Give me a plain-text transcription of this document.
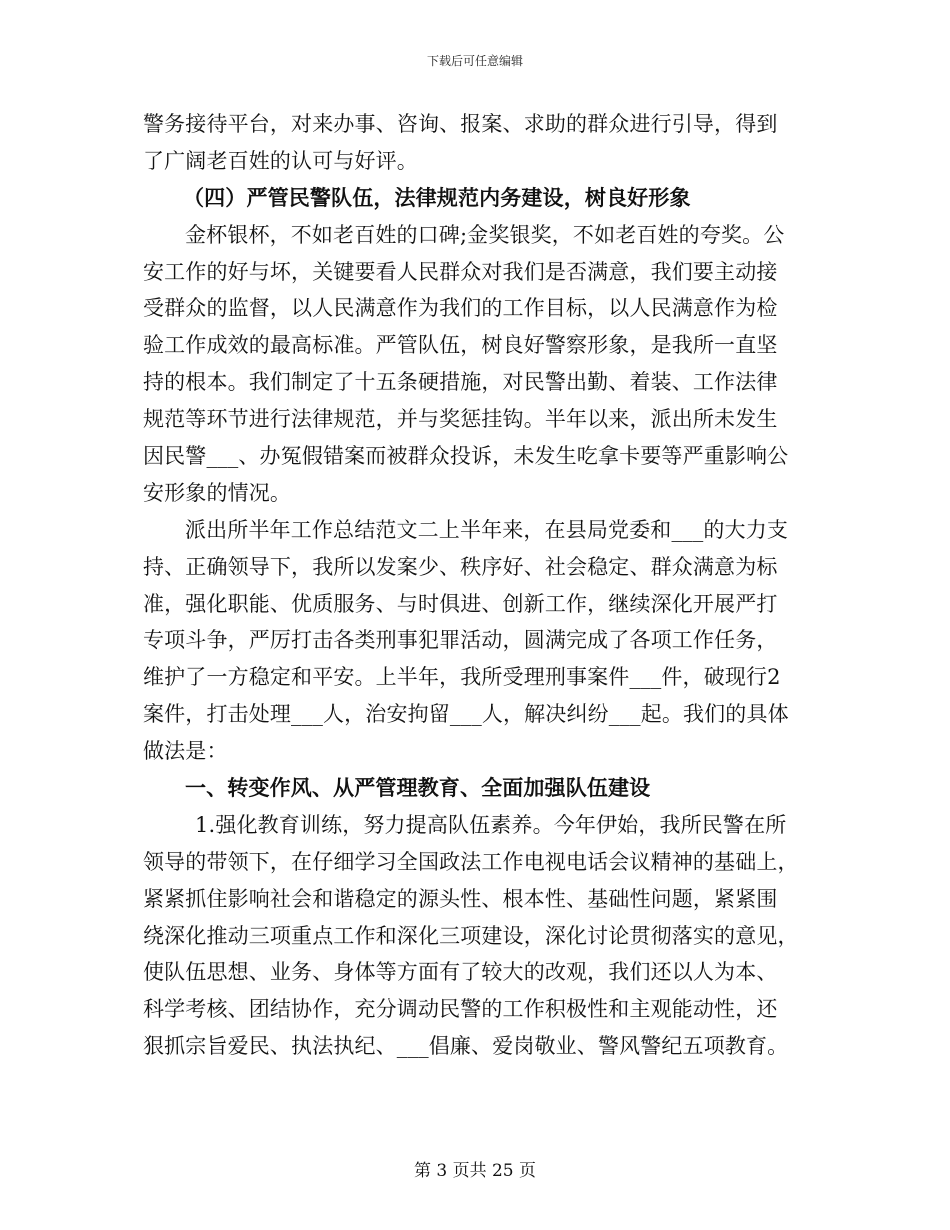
下载后可任意编辑
警务接待平台，对来办事、咨询、报案、求助的群众进行引导，得到
了广阔老百姓的认可与好评。
（四）严管民警队伍，法律规范内务建设，树良好形象
金杯银杯，不如老百姓的口碑;金奖银奖，不如老百姓的夸奖。公
安工作的好与坏，关键要看人民群众对我们是否满意，我们要主动接
受群众的监督，以人民满意作为我们的工作目标，以人民满意作为检
验工作成效的最高标准。严管队伍，树良好警察形象，是我所一直坚
持的根本。我们制定了十五条硬措施，对民警出勤、着装、工作法律
规范等环节进行法律规范，并与奖惩挂钩。半年以来，派出所未发生
因民警___、办冤假错案而被群众投诉，未发生吃拿卡要等严重影响公
安形象的情况。
派出所半年工作总结范文二上半年来，在县局党委和___的大力支
持、正确领导下，我所以发案少、秩序好、社会稳定、群众满意为标
准，强化职能、优质服务、与时俱进、创新工作，继续深化开展严打
专项斗争，严厉打击各类刑事犯罪活动，圆满完成了各项工作任务，
维护了一方稳定和平安。上半年，我所受理刑事案件___件，破现行2
案件，打击处理___人，治安拘留___人，解决纠纷___起。我们的具体
做法是：
一、转变作风、从严管理教育、全面加强队伍建设
1.强化教育训练，努力提高队伍素养。今年伊始，我所民警在所
领导的带领下，在仔细学习全国政法工作电视电话会议精神的基础上，
紧紧抓住影响社会和谐稳定的源头性、根本性、基础性问题，紧紧围
绕深化推动三项重点工作和深化三项建设，深化讨论贯彻落实的意见，
使队伍思想、业务、身体等方面有了较大的改观，我们还以人为本、
科学考核、团结协作，充分调动民警的工作积极性和主观能动性，还
狠抓宗旨爱民、执法执纪、___倡廉、爱岗敬业、警风警纪五项教育。
第 3 页共 25 页
